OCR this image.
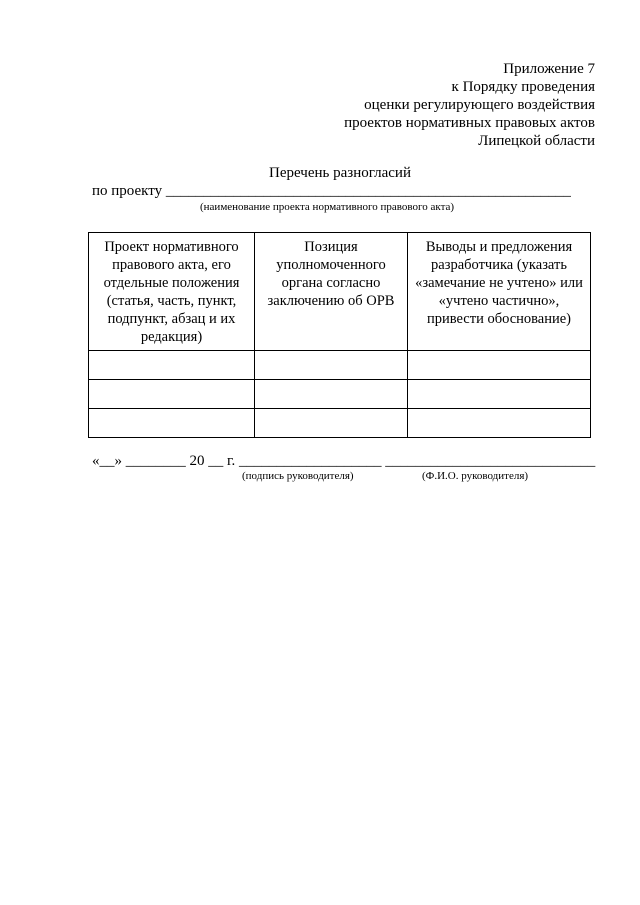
Приложение 7
к Порядку проведения
оценки регулирующего воздействия
проектов нормативных правовых актов
Липецкой области
Перечень разногласий
по проекту ______________________________________________________
(наименование проекта нормативного правового акта)
Проект нормативного правового акта, его отдельные положения (статья, часть, пункт, подпункт, абзац и их редакция)	Позиция уполномоченного органа согласно заключению об ОРВ	Выводы и предложения разработчика (указать «замечание не учтено» или «учтено частично», привести обоснование)

«__» ________ 20 __ г. ___________________ ____________________________
(подпись руководителя)	(Ф.И.О. руководителя)
